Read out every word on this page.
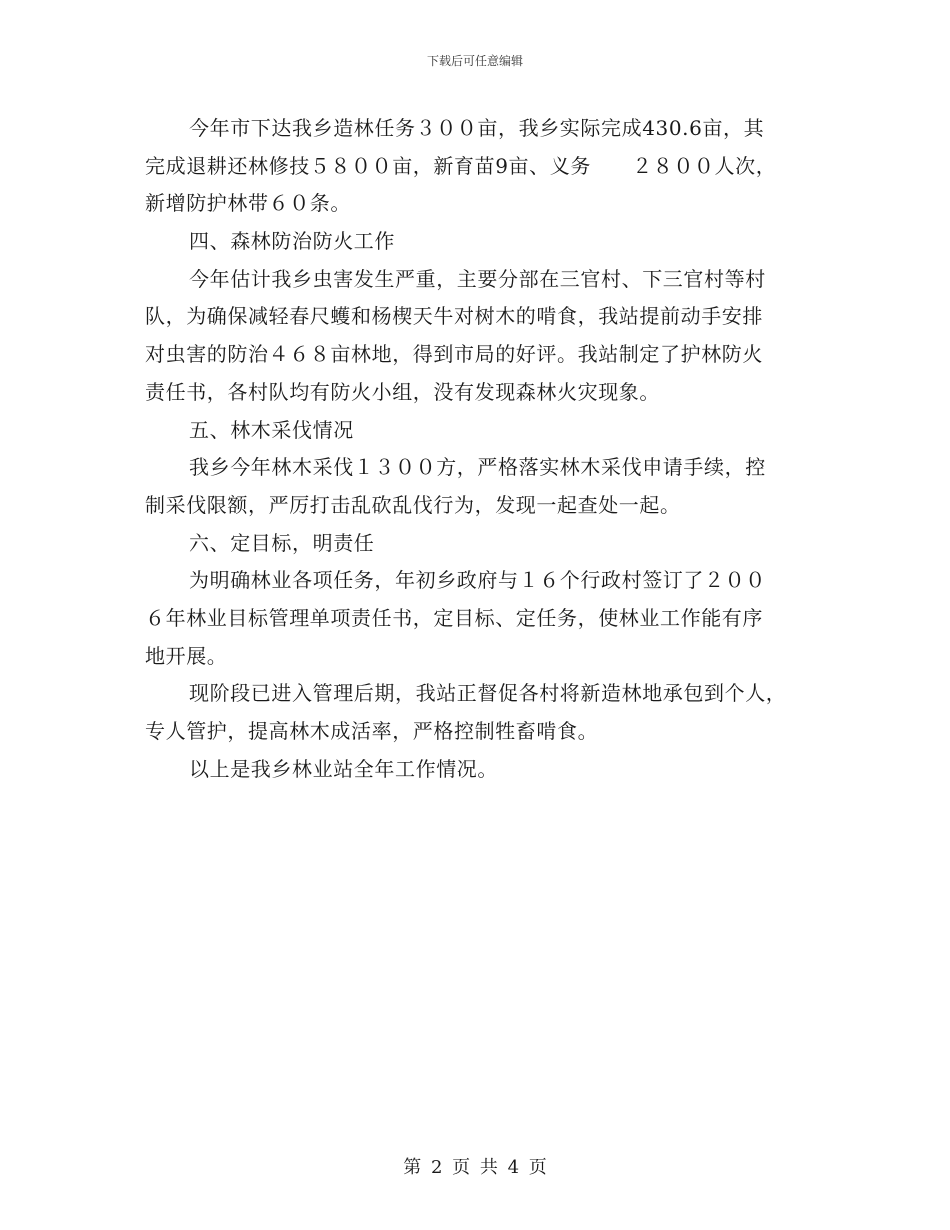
下载后可任意编辑
今年市下达我乡造林任务３００亩，我乡实际完成430.6亩，其
完成退耕还林修技５８００亩，新育苗9亩、义务　　２８００人次，
新增防护林带６０条。
四、森林防治防火工作
今年估计我乡虫害发生严重，主要分部在三官村、下三官村等村
队，为确保减轻春尺蠖和杨楔天牛对树木的啃食，我站提前动手安排
对虫害的防治４６８亩林地，得到市局的好评。我站制定了护林防火
责任书，各村队均有防火小组，没有发现森林火灾现象。
五、林木采伐情况
我乡今年林木采伐１３００方，严格落实林木采伐申请手续，控
制采伐限额，严厉打击乱砍乱伐行为，发现一起查处一起。
六、定目标，明责任
为明确林业各项任务，年初乡政府与１６个行政村签订了２００
６年林业目标管理单项责任书，定目标、定任务，使林业工作能有序
地开展。
现阶段已进入管理后期，我站正督促各村将新造林地承包到个人，
专人管护，提高林木成活率，严格控制牲畜啃食。
以上是我乡林业站全年工作情况。
第 2 页 共 4 页
